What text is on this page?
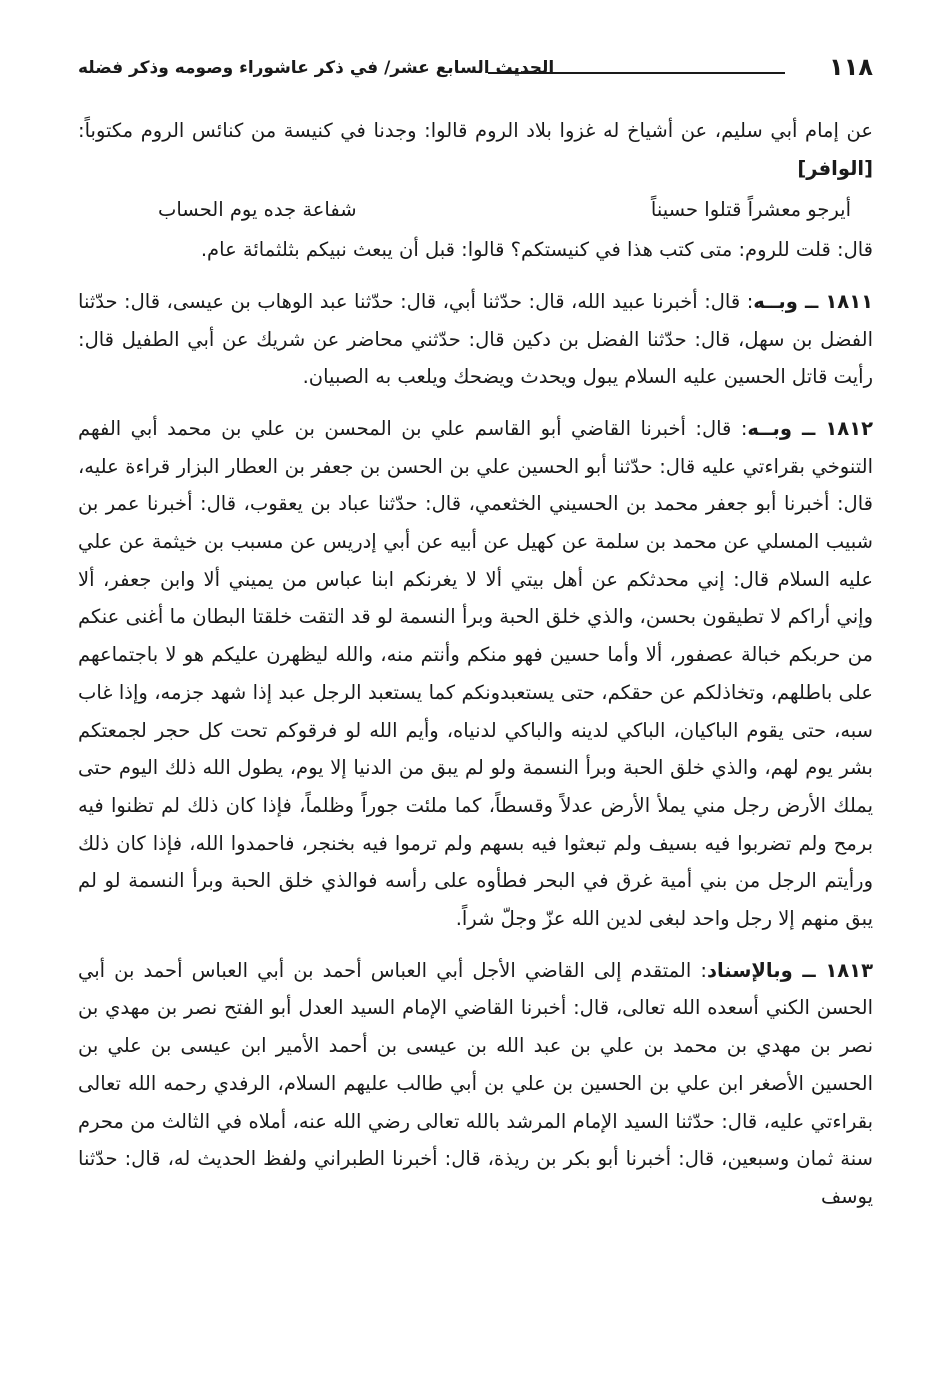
١١٨
الحديث السابع عشر/ في ذكر عاشوراء وصومه وذكر فضله

عن إمام أبي سليم، عن أشياخ له غزوا بلاد الروم قالوا: وجدنا في كنيسة من كنائس الروم مكتوباً: [الوافر]

أيرجو معشراً قتلوا حسيناً
شفاعة جده يوم الحساب

قال: قلت للروم: متى كتب هذا في كنيستكم؟ قالوا: قبل أن يبعث نبيكم بثلثمائة عام.

١٨١١ ــ وبــه: قال: أخبرنا عبيد الله، قال: حدّثنا أبي، قال: حدّثنا عبد الوهاب بن عيسى، قال: حدّثنا الفضل بن سهل، قال: حدّثنا الفضل بن دكين قال: حدّثني محاضر عن شريك عن أبي الطفيل قال: رأيت قاتل الحسين عليه السلام يبول ويحدث ويضحك ويلعب به الصبيان.

١٨١٢ ــ وبــه: قال: أخبرنا القاضي أبو القاسم علي بن المحسن بن علي بن محمد أبي الفهم التنوخي بقراءتي عليه قال: حدّثنا أبو الحسين علي بن الحسن بن جعفر بن العطار البزار قراءة عليه، قال: أخبرنا أبو جعفر محمد بن الحسيني الخثعمي، قال: حدّثنا عباد بن يعقوب، قال: أخبرنا عمر بن شبيب المسلي عن محمد بن سلمة عن كهيل عن أبيه عن أبي إدريس عن مسبب بن خيثمة عن علي عليه السلام قال: إني محدثكم عن أهل بيتي ألا لا يغرنكم ابنا عباس من يميني ألا وابن جعفر، ألا وإني أراكم لا تطيقون بحسن، والذي خلق الحبة وبرأ النسمة لو قد التقت خلقتا البطان ما أغنى عنكم من حربكم خبالة عصفور، ألا وأما حسين فهو منكم وأنتم منه، والله ليظهرن عليكم هو لا باجتماعهم على باطلهم، وتخاذلكم عن حقكم، حتى يستعبدونكم كما يستعبد الرجل عبد إذا شهد جزمه، وإذا غاب سبه، حتى يقوم الباكيان، الباكي لدينه والباكي لدنياه، وأيم الله لو فرقوكم تحت كل حجر لجمعتكم بشر يوم لهم، والذي خلق الحبة وبرأ النسمة ولو لم يبق من الدنيا إلا يوم، يطول الله ذلك اليوم حتى يملك الأرض رجل مني يملأ الأرض عدلاً وقسطاً، كما ملئت جوراً وظلماً، فإذا كان ذلك لم تظنوا فيه برمح ولم تضربوا فيه بسيف ولم تبعثوا فيه بسهم ولم ترموا فيه بخنجر، فاحمدوا الله، فإذا كان ذلك ورأيتم الرجل من بني أمية غرق في البحر فطأوه على رأسه فوالذي خلق الحبة وبرأ النسمة لو لم يبق منهم إلا رجل واحد لبغى لدين الله عزّ وجلّ شراً.

١٨١٣ ــ وبالإسناد: المتقدم إلى القاضي الأجل أبي العباس أحمد بن أبي العباس أحمد بن أبي الحسن الكني أسعده الله تعالى، قال: أخبرنا القاضي الإمام السيد العدل أبو الفتح نصر بن مهدي بن نصر بن مهدي بن محمد بن علي بن عبد الله بن عيسى بن أحمد الأمير ابن عيسى بن علي بن الحسين الأصغر ابن علي بن الحسين بن علي بن أبي طالب عليهم السلام، الرفدي رحمه الله تعالى بقراءتي عليه، قال: حدّثنا السيد الإمام المرشد بالله تعالى رضي الله عنه، أملاه في الثالث من محرم سنة ثمان وسبعين، قال: أخبرنا أبو بكر بن ريذة، قال: أخبرنا الطبراني ولفظ الحديث له، قال: حدّثنا يوسف
